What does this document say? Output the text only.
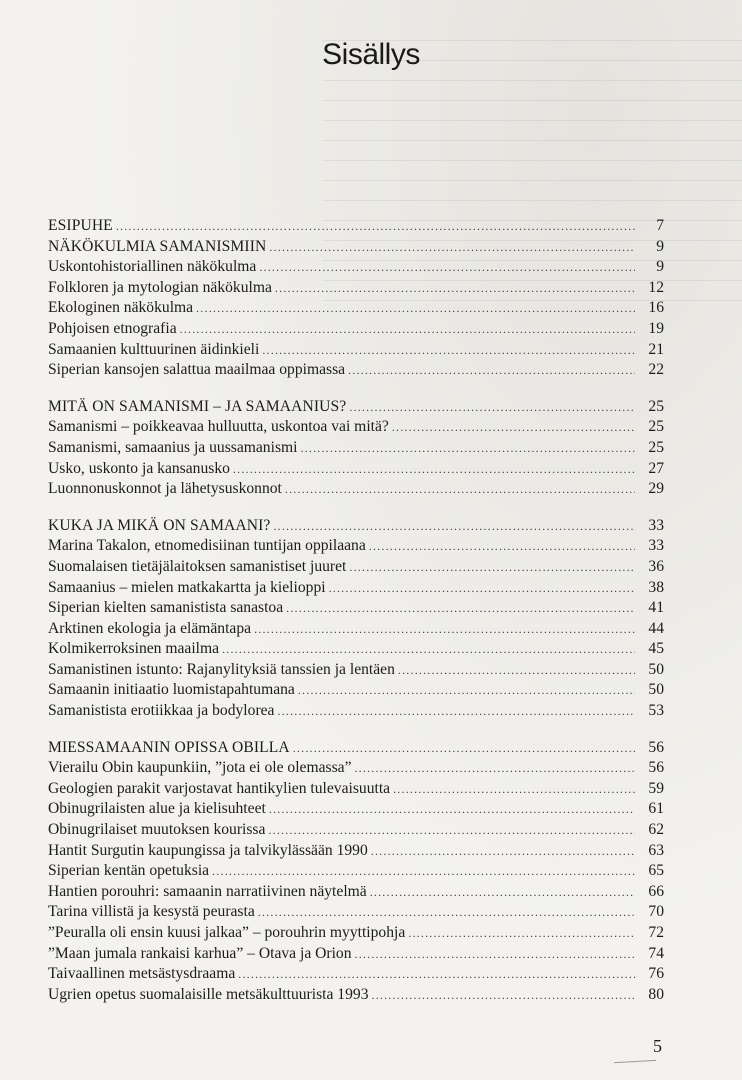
Sisällys
ESIPUHE .....	7
NÄKÖKULMIA SAMANISMIIN .....	9
Uskontohistoriallinen näkökulma .....	9
Folkloren ja mytologian näkökulma .....	12
Ekologinen näkökulma .....	16
Pohjoisen etnografia .....	19
Samaanien kulttuurinen äidinkieli .....	21
Siperian kansojen salattua maailmaa oppimassa .....	22
MITÄ ON SAMANISMI – JA SAMAANIUS? .....	25
Samanismi – poikkeavaa hulluutta, uskontoa vai mitä? .....	25
Samanismi, samaanius ja uussamanismi .....	25
Usko, uskonto ja kansanusko .....	27
Luonnonuskonnot ja lähetysuskonnot .....	29
KUKA JA MIKÄ ON SAMAANI? .....	33
Marina Takalon, etnomedisiinan tuntijan oppilaana .....	33
Suomalaisen tietäjälaitoksen samanistiset juuret .....	36
Samaanius – mielen matkakartta ja kielioppi .....	38
Siperian kielten samanistista sanastoa .....	41
Arktinen ekologia ja elämäntapa .....	44
Kolmikerroksinen maailma .....	45
Samanistinen istunto: Rajanylityksiä tanssien ja lentäen .....	50
Samaanin initiaatio luomistapahtumana .....	50
Samanistista erotiikkaa ja bodylorea .....	53
MIESSAMAANIN OPISSA OBILLA .....	56
Vierailu Obin kaupunkiin, ”jota ei ole olemassa” .....	56
Geologien parakit varjostavat hantikylien tulevaisuutta .....	59
Obinugrilaisten alue ja kielisuhteet .....	61
Obinugrilaiset muutoksen kourissa .....	62
Hantit Surgutin kaupungissa ja talvikylässään 1990 .....	63
Siperian kentän opetuksia .....	65
Hantien porouhri: samaanin narratiivinen näytelmä .....	66
Tarina villistä ja kesystä peurasta .....	70
”Peuralla oli ensin kuusi jalkaa” – porouhrin myyttipohja .....	72
”Maan jumala rankaisi karhua” – Otava ja Orion .....	74
Taivaallinen metsästysdraama .....	76
Ugrien opetus suomalaisille metsäkulttuurista 1993 .....	80
5
